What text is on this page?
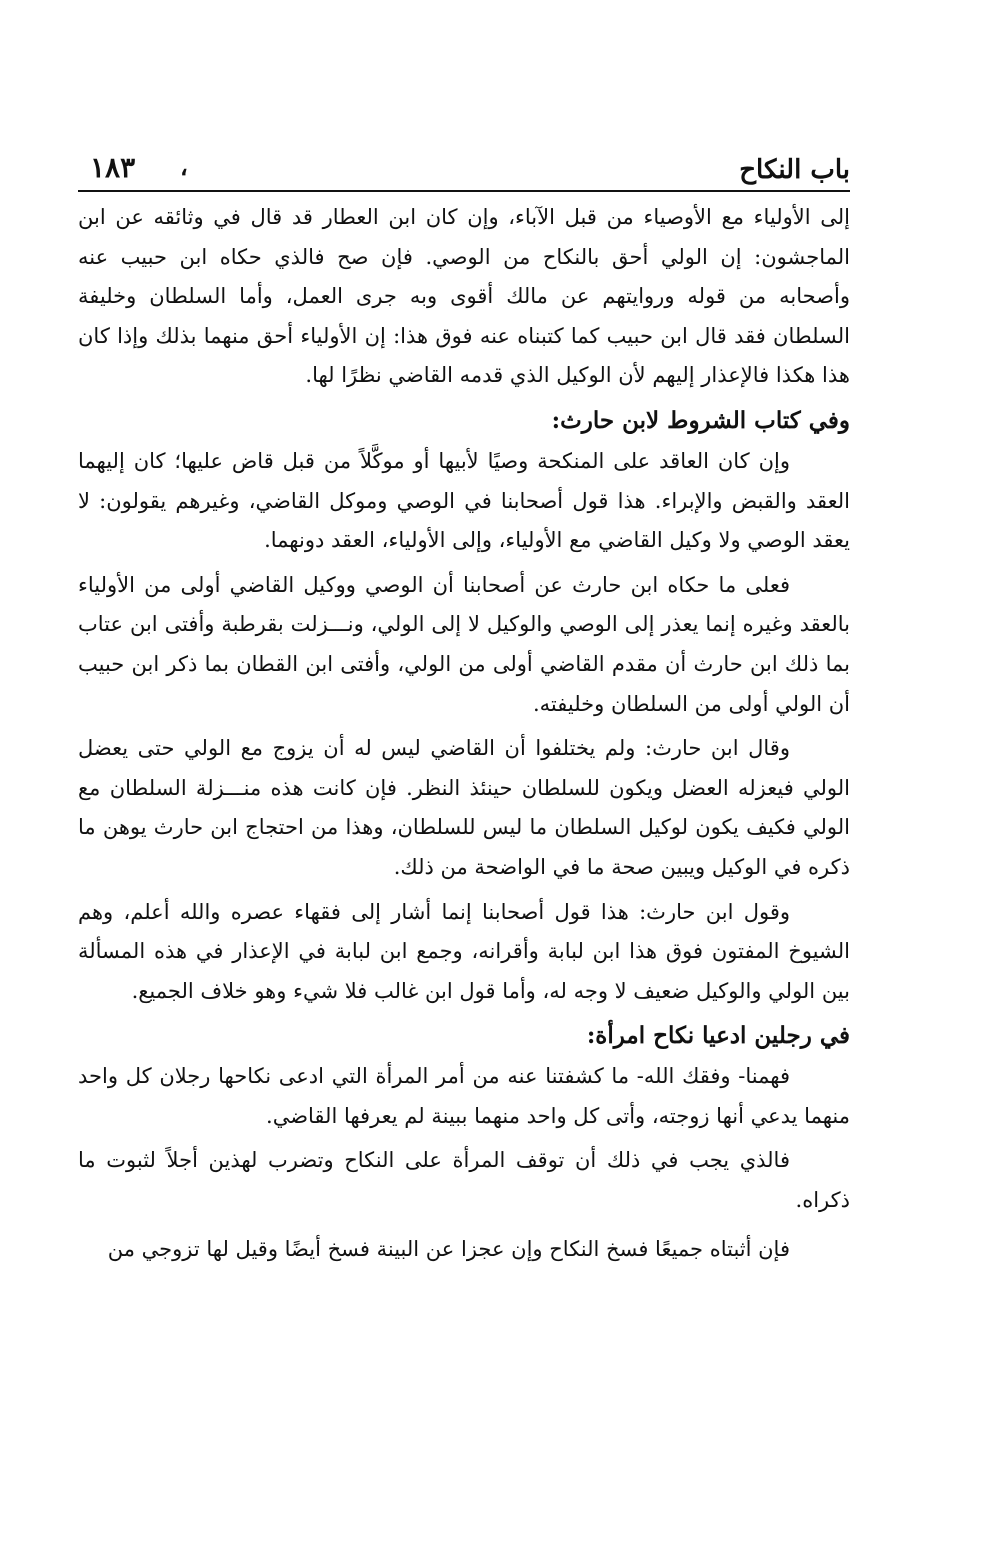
باب النكاح
،
١٨٣

إلى الأولياء مع الأوصياء من قبل الآباء، وإن كان ابن العطار قد قال في وثائقه عن ابن الماجشون: إن الولي أحق بالنكاح من الوصي. فإن صح فالذي حكاه ابن حبيب عنه وأصحابه من قوله وروايتهم عن مالك أقوى وبه جرى العمل، وأما السلطان وخليفة السلطان فقد قال ابن حبيب كما كتبناه عنه فوق هذا: إن الأولياء أحق منهما بذلك وإذا كان هذا هكذا فالإعذار إليهم لأن الوكيل الذي قدمه القاضي نظرًا لها.

وفي كتاب الشروط لابن حارث:

وإن كان العاقد على المنكحة وصيًا لأبيها أو موكَّلاً من قبل قاض عليها؛ كان إليهما العقد والقبض والإبراء. هذا قول أصحابنا في الوصي وموكل القاضي، وغيرهم يقولون: لا يعقد الوصي ولا وكيل القاضي مع الأولياء، وإلى الأولياء، العقد دونهما.

فعلى ما حكاه ابن حارث عن أصحابنا أن الوصي ووكيل القاضي أولى من الأولياء بالعقد وغيره إنما يعذر إلى الوصي والوكيل لا إلى الولي، ونـــزلت بقرطبة وأفتى ابن عتاب بما ذلك ابن حارث أن مقدم القاضي أولى من الولي، وأفتى ابن القطان بما ذكر ابن حبيب أن الولي أولى من السلطان وخليفته.

وقال ابن حارث: ولم يختلفوا أن القاضي ليس له أن يزوج مع الولي حتى يعضل الولي فيعزله العضل ويكون للسلطان حينئذ النظر. فإن كانت هذه منـــزلة السلطان مع الولي فكيف يكون لوكيل السلطان ما ليس للسلطان، وهذا من احتجاج ابن حارث يوهن ما ذكره في الوكيل ويبين صحة ما في الواضحة من ذلك.

وقول ابن حارث: هذا قول أصحابنا إنما أشار إلى فقهاء عصره والله أعلم، وهم الشيوخ المفتون فوق هذا ابن لبابة وأقرانه، وجمع ابن لبابة في الإعذار في هذه المسألة بين الولي والوكيل ضعيف لا وجه له، وأما قول ابن غالب فلا شيء وهو خلاف الجميع.

في رجلين ادعيا نكاح امرأة:

فهمنا- وفقك الله- ما كشفتنا عنه من أمر المرأة التي ادعى نكاحها رجلان كل واحد منهما يدعي أنها زوجته، وأتى كل واحد منهما ببينة لم يعرفها القاضي.

فالذي يجب في ذلك أن توقف المرأة على النكاح وتضرب لهذين أجلاً لثبوت ما ذكراه.

فإن أثبتاه جميعًا فسخ النكاح وإن عجزا عن البينة فسخ أيضًا وقيل لها تزوجي من
